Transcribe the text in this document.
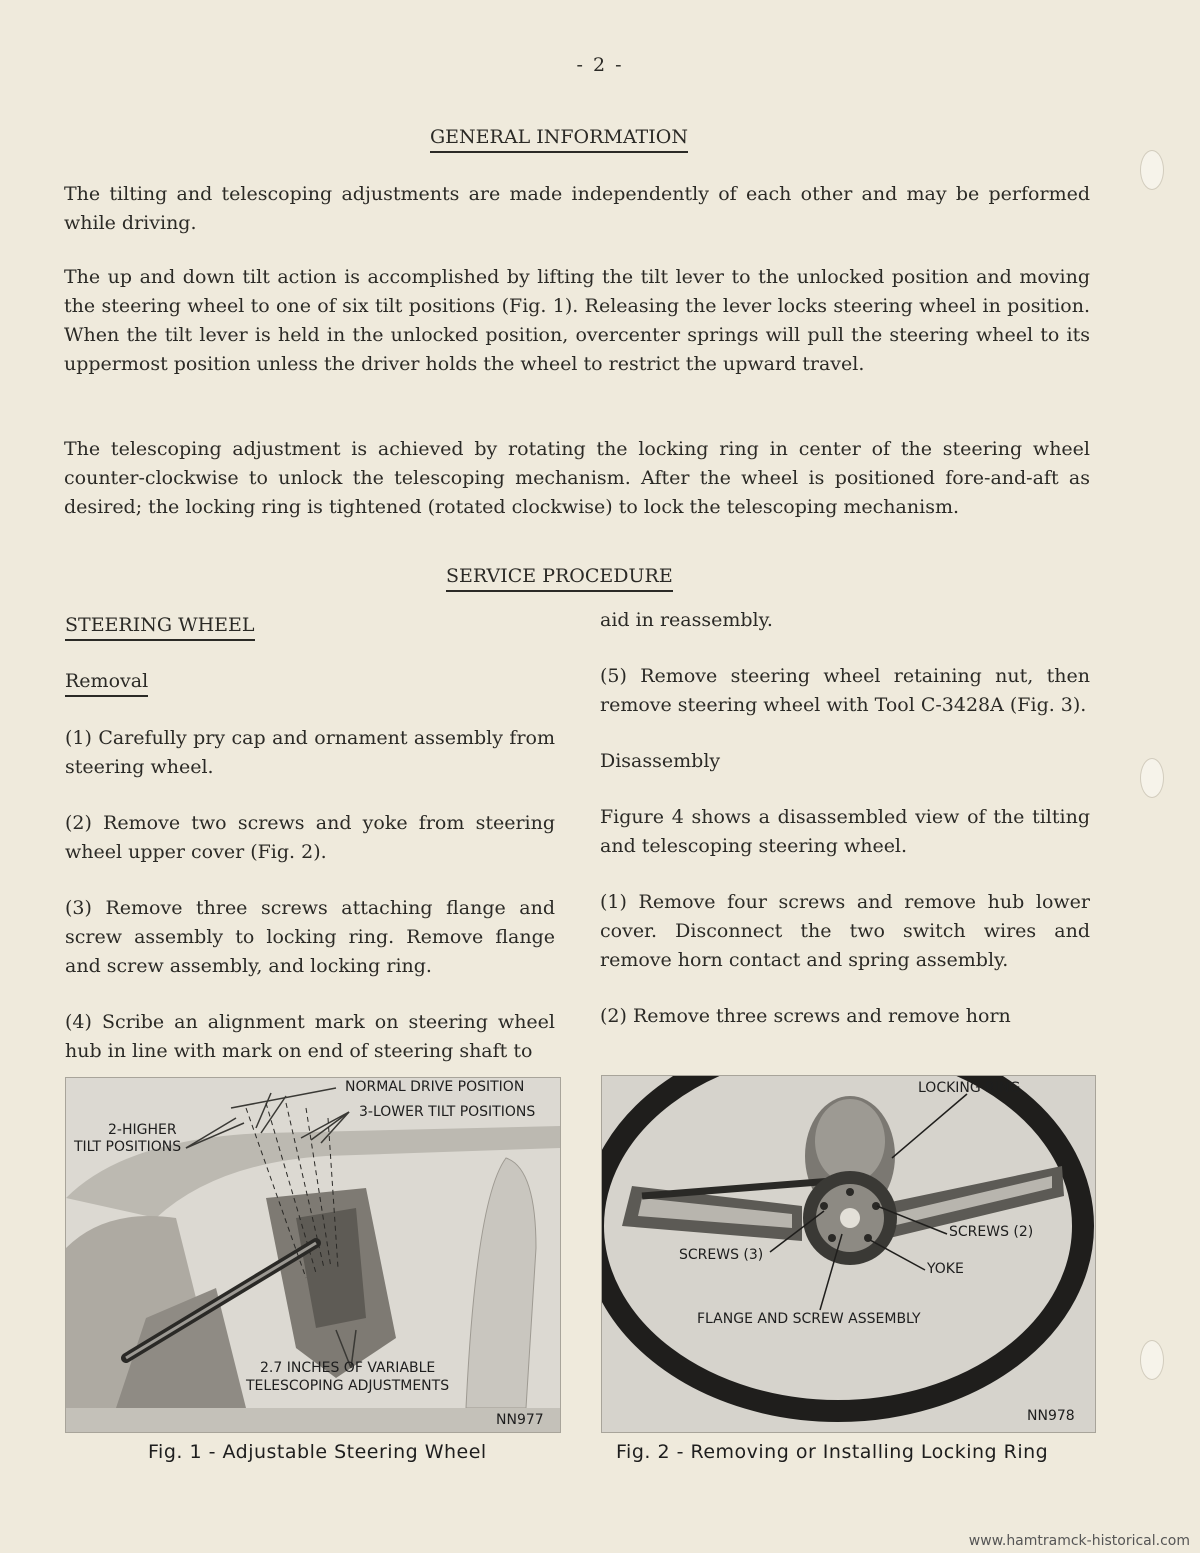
- 2 -
GENERAL INFORMATION

The tilting and telescoping adjustments are made independently of each other and may be performed while driving.

The up and down tilt action is accomplished by lifting the tilt lever to the unlocked position and moving the steering wheel to one of six tilt positions (Fig. 1). Releasing the lever locks steering wheel in position. When the tilt lever is held in the unlocked position, overcenter springs will pull the steering wheel to its uppermost position unless the driver holds the wheel to restrict the upward travel.

The telescoping adjustment is achieved by rotating the locking ring in center of the steering wheel counter-clockwise to unlock the telescoping mechanism. After the wheel is positioned fore-and-aft as desired; the locking ring is tightened (rotated clockwise) to lock the telescoping mechanism.

SERVICE PROCEDURE
STEERING WHEEL
Removal

(1) Carefully pry cap and ornament assembly from steering wheel.

(2) Remove two screws and yoke from steering wheel upper cover (Fig. 2).

(3) Remove three screws attaching flange and screw assembly to locking ring. Remove flange and screw assembly, and locking ring.

(4) Scribe an alignment mark on steering wheel hub in line with mark on end of steering shaft to

aid in reassembly.

(5) Remove steering wheel retaining nut, then remove steering wheel with Tool C-3428A (Fig. 3).

Disassembly

Figure 4 shows a disassembled view of the tilting and telescoping steering wheel.

(1) Remove four screws and remove hub lower cover. Disconnect the two switch wires and remove horn contact and spring assembly.

(2) Remove three screws and remove horn

NORMAL DRIVE POSITION
3-LOWER TILT POSITIONS
2-HIGHER
TILT POSITIONS
2.7 INCHES OF VARIABLE
TELESCOPING ADJUSTMENTS
NN977
Fig. 1 - Adjustable Steering Wheel
LOCKING RING
SCREWS (2)
SCREWS (3)
YOKE
FLANGE AND SCREW ASSEMBLY
NN978
Fig. 2 - Removing or Installing Locking Ring
www.hamtramck-historical.com
